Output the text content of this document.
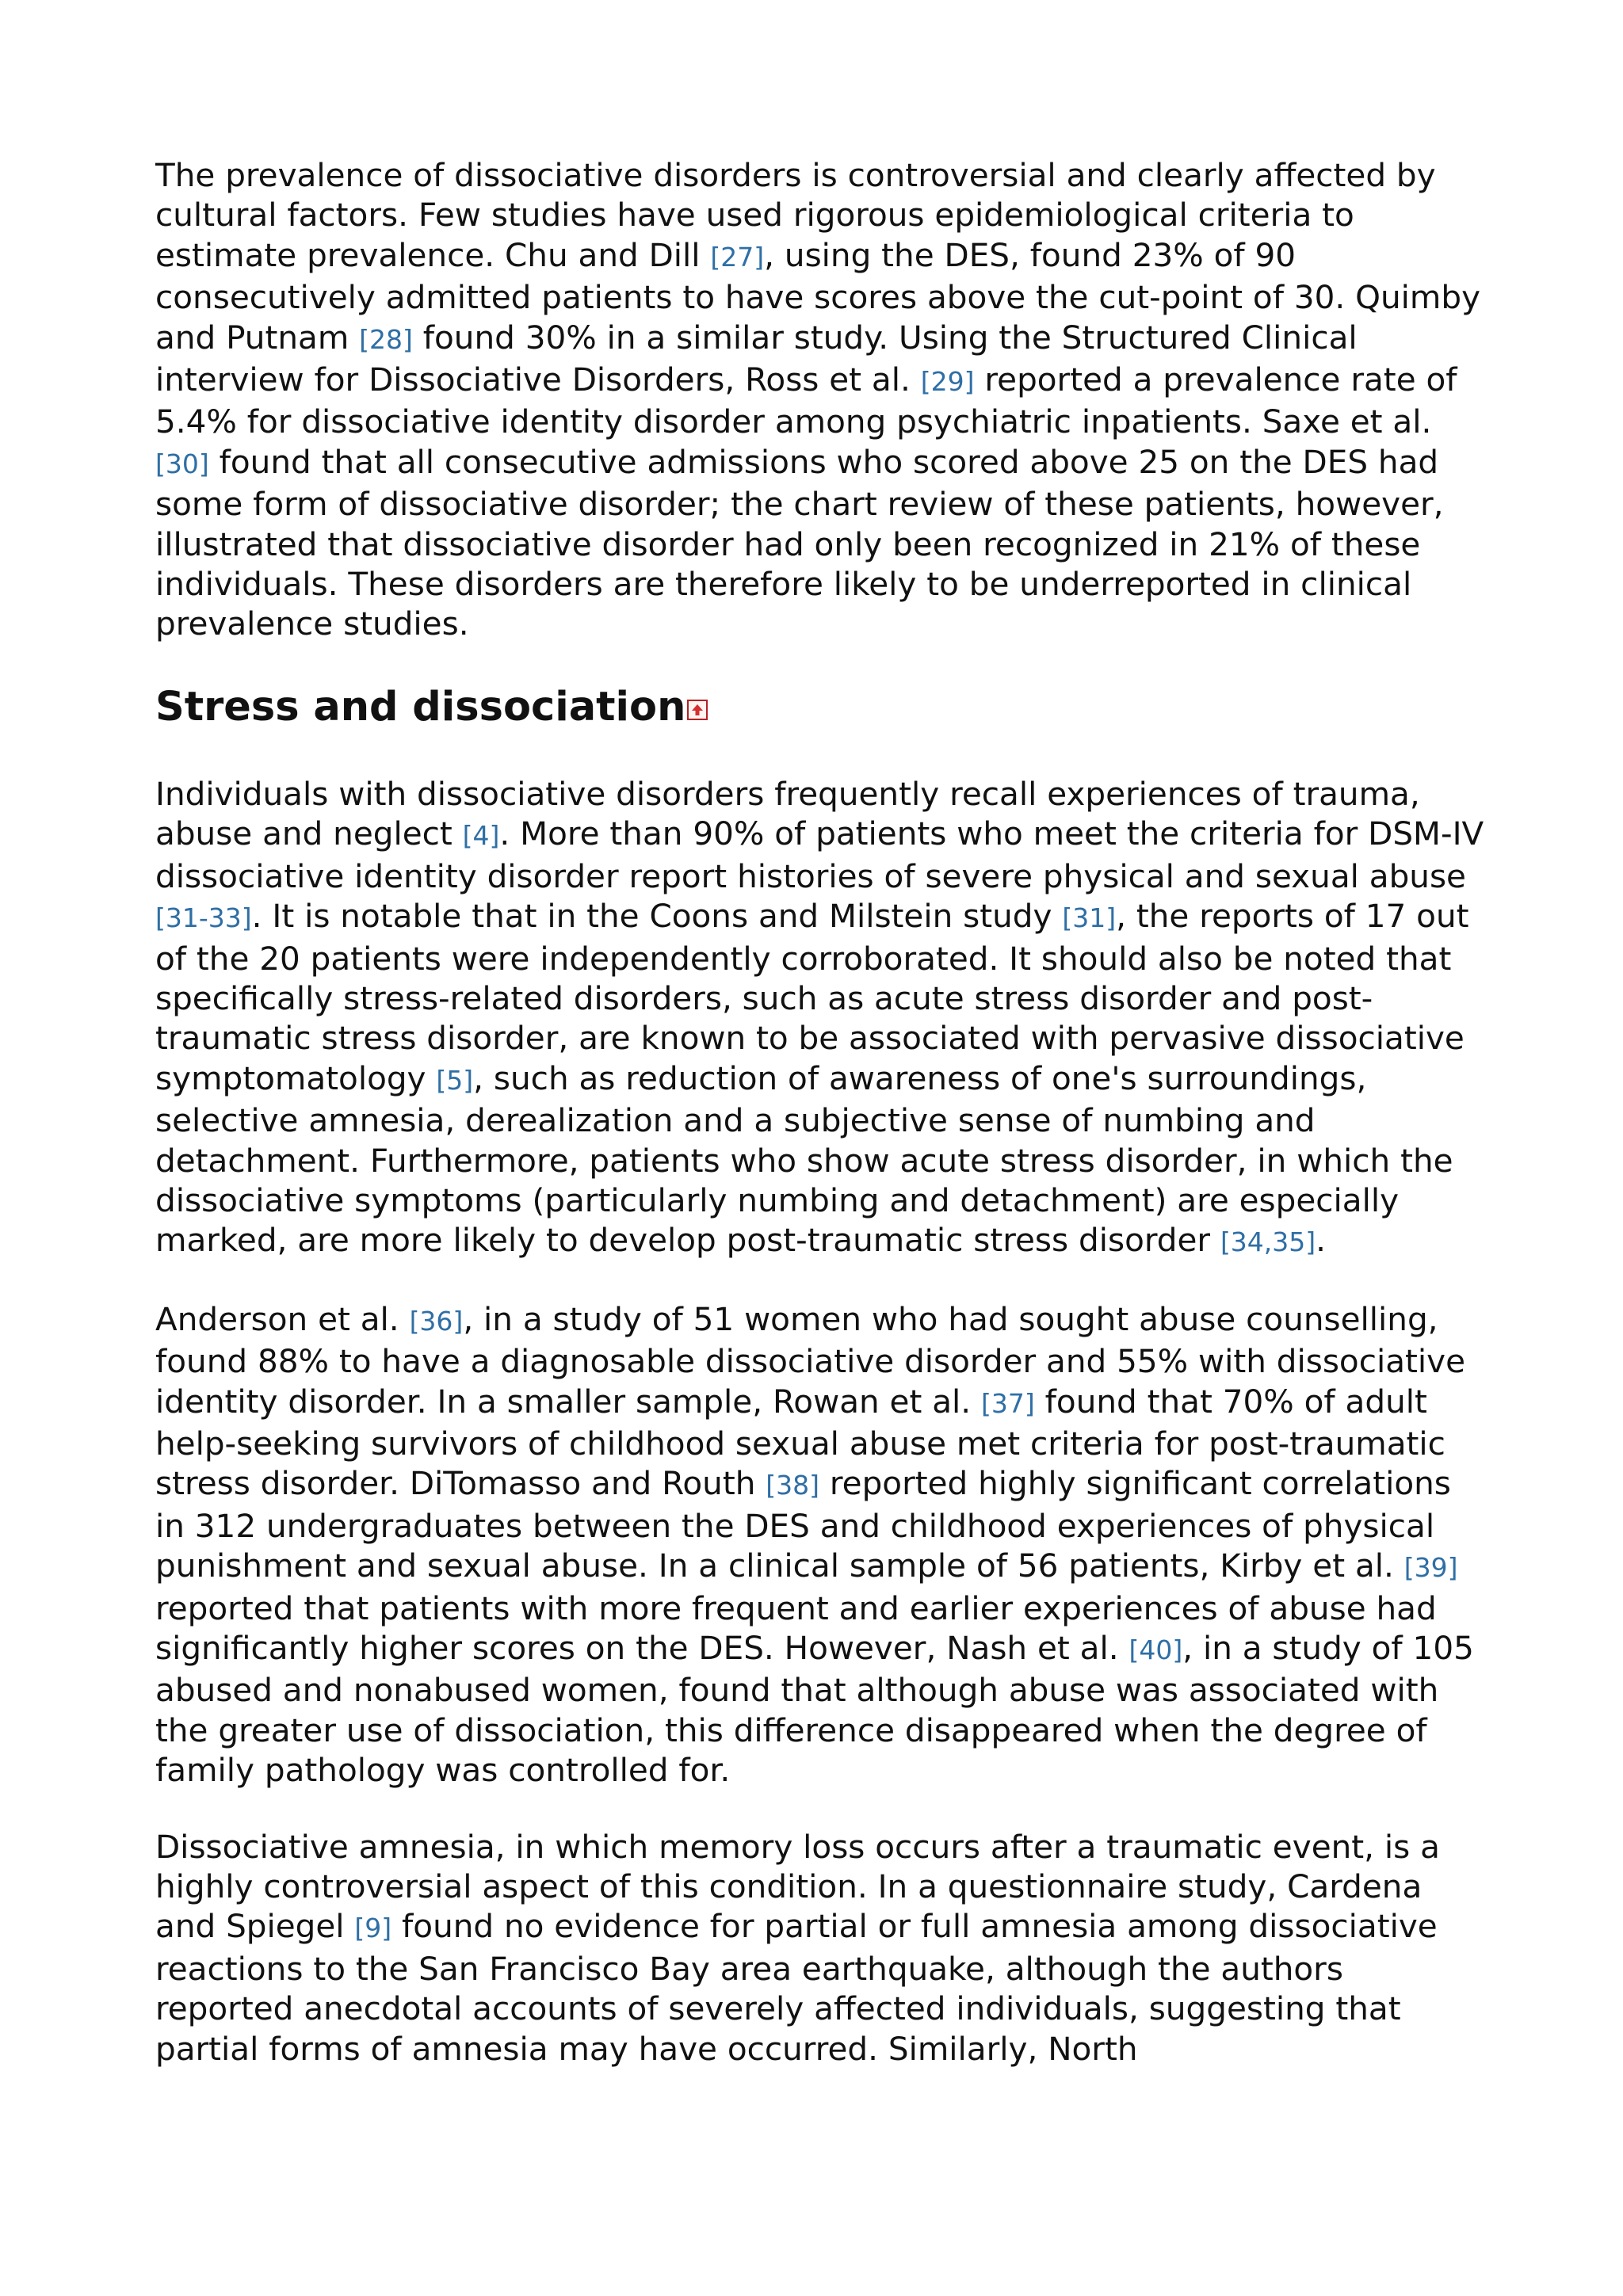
The prevalence of dissociative disorders is controversial and clearly affected by cultural factors. Few studies have used rigorous epidemiological criteria to estimate prevalence. Chu and Dill [27], using the DES, found 23% of 90 consecutively admitted patients to have scores above the cut-point of 30. Quimby and Putnam [28] found 30% in a similar study. Using the Structured Clinical interview for Dissociative Disorders, Ross et al. [29] reported a prevalence rate of 5.4% for dissociative identity disorder among psychiatric inpatients. Saxe et al. [30] found that all consecutive admissions who scored above 25 on the DES had some form of dissociative disorder; the chart review of these patients, however, illustrated that dissociative disorder had only been recognized in 21% of these individuals. These disorders are therefore likely to be underreported in clinical prevalence studies.

Stress and dissociation

Individuals with dissociative disorders frequently recall experiences of trauma, abuse and neglect [4]. More than 90% of patients who meet the criteria for DSM-IV dissociative identity disorder report histories of severe physical and sexual abuse [31-33]. It is notable that in the Coons and Milstein study [31], the reports of 17 out of the 20 patients were independently corroborated. It should also be noted that specifically stress-related disorders, such as acute stress disorder and post-traumatic stress disorder, are known to be associated with pervasive dissociative symptomatology [5], such as reduction of awareness of one's surroundings, selective amnesia, derealization and a subjective sense of numbing and detachment. Furthermore, patients who show acute stress disorder, in which the dissociative symptoms (particularly numbing and detachment) are especially marked, are more likely to develop post-traumatic stress disorder [34,35].

Anderson et al. [36], in a study of 51 women who had sought abuse counselling, found 88% to have a diagnosable dissociative disorder and 55% with dissociative identity disorder. In a smaller sample, Rowan et al. [37] found that 70% of adult help-seeking survivors of childhood sexual abuse met criteria for post-traumatic stress disorder. DiTomasso and Routh [38] reported highly significant correlations in 312 undergraduates between the DES and childhood experiences of physical punishment and sexual abuse. In a clinical sample of 56 patients, Kirby et al. [39] reported that patients with more frequent and earlier experiences of abuse had significantly higher scores on the DES. However, Nash et al. [40], in a study of 105 abused and nonabused women, found that although abuse was associated with the greater use of dissociation, this difference disappeared when the degree of family pathology was controlled for.

Dissociative amnesia, in which memory loss occurs after a traumatic event, is a highly controversial aspect of this condition. In a questionnaire study, Cardena and Spiegel [9] found no evidence for partial or full amnesia among dissociative reactions to the San Francisco Bay area earthquake, although the authors reported anecdotal accounts of severely affected individuals, suggesting that partial forms of amnesia may have occurred. Similarly, North
